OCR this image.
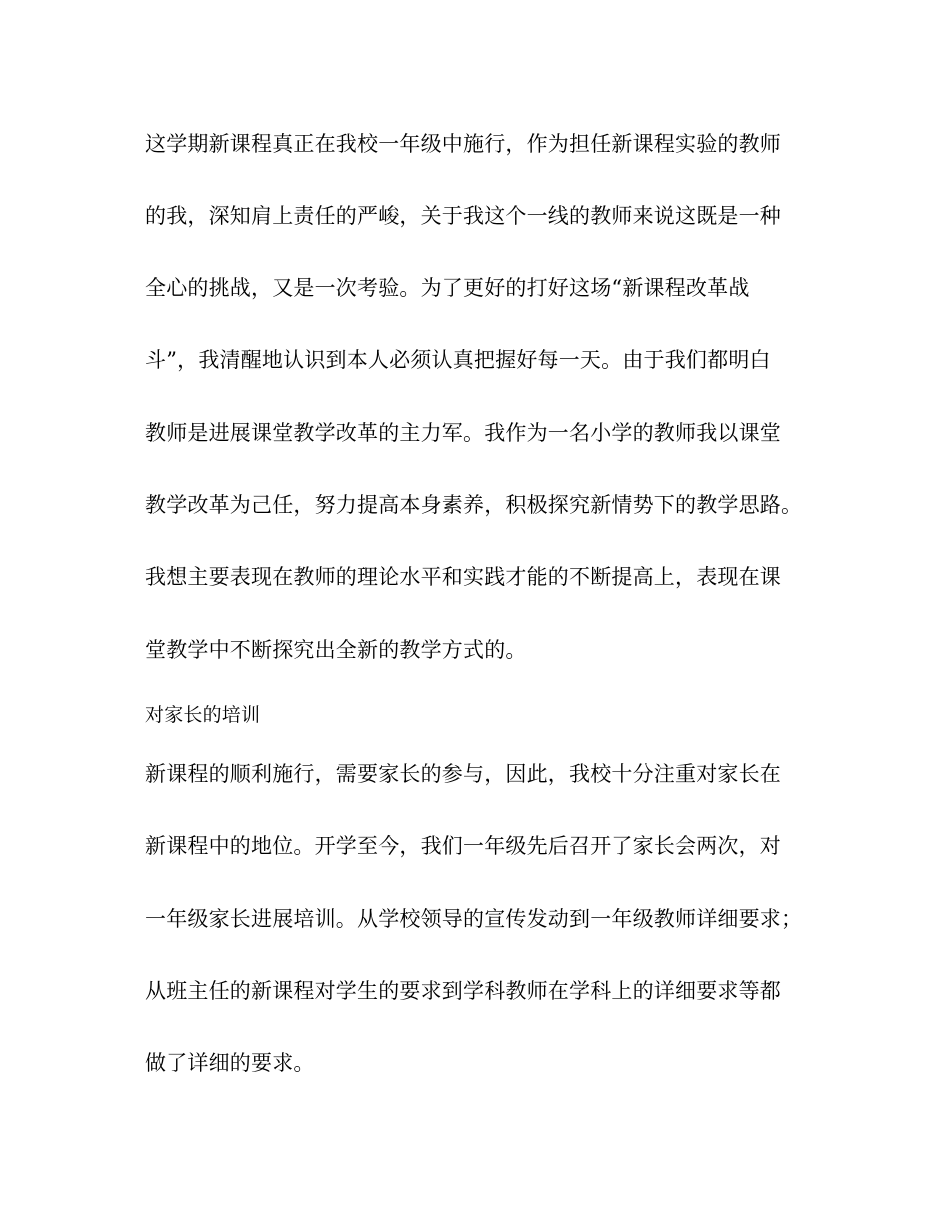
这学期新课程真正在我校一年级中施行，作为担任新课程实验的教师
的我，深知肩上责任的严峻，关于我这个一线的教师来说这既是一种
全心的挑战，又是一次考验。为了更好的打好这场“新课程改革战
斗”，我清醒地认识到本人必须认真把握好每一天。由于我们都明白
教师是进展课堂教学改革的主力军。我作为一名小学的教师我以课堂
教学改革为己任，努力提高本身素养，积极探究新情势下的教学思路。
我想主要表现在教师的理论水平和实践才能的不断提高上，表现在课
堂教学中不断探究出全新的教学方式的。
对家长的培训
新课程的顺利施行，需要家长的参与，因此，我校十分注重对家长在
新课程中的地位。开学至今，我们一年级先后召开了家长会两次，对
一年级家长进展培训。从学校领导的宣传发动到一年级教师详细要求；
从班主任的新课程对学生的要求到学科教师在学科上的详细要求等都
做了详细的要求。
